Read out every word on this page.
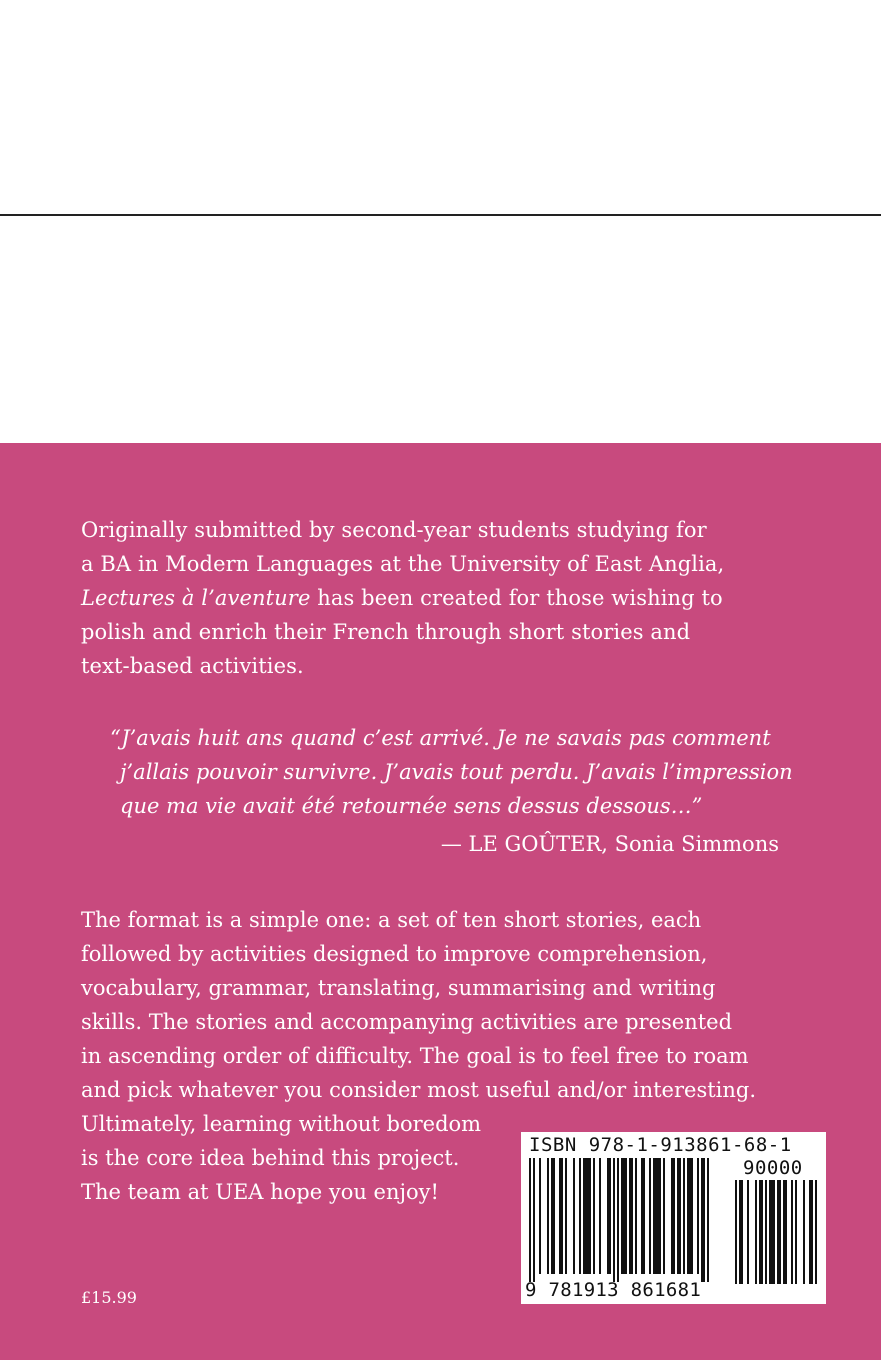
Originally submitted by second-year students studying for
a BA in Modern Languages at the University of East Anglia,
Lectures à l’aventure has been created for those wishing to
polish and enrich their French through short stories and
text-based activities.

“J’avais huit ans quand c’est arrivé. Je ne savais pas comment
j’allais pouvoir survivre. J’avais tout perdu. J’avais l’impression
que ma vie avait été retournée sens dessus dessous…”

— LE GOÛTER, Sonia Simmons

The format is a simple one: a set of ten short stories, each
followed by activities designed to improve comprehension,
vocabulary, grammar, translating, summarising and writing
skills. The stories and accompanying activities are presented
in ascending order of difficulty. The goal is to feel free to roam
and pick whatever you consider most useful and/or interesting.
Ultimately, learning without boredom
is the core idea behind this project.
The team at UEA hope you enjoy!

£15.99
ISBN 978-1-913861-68-1
90000
9 781913 861681
